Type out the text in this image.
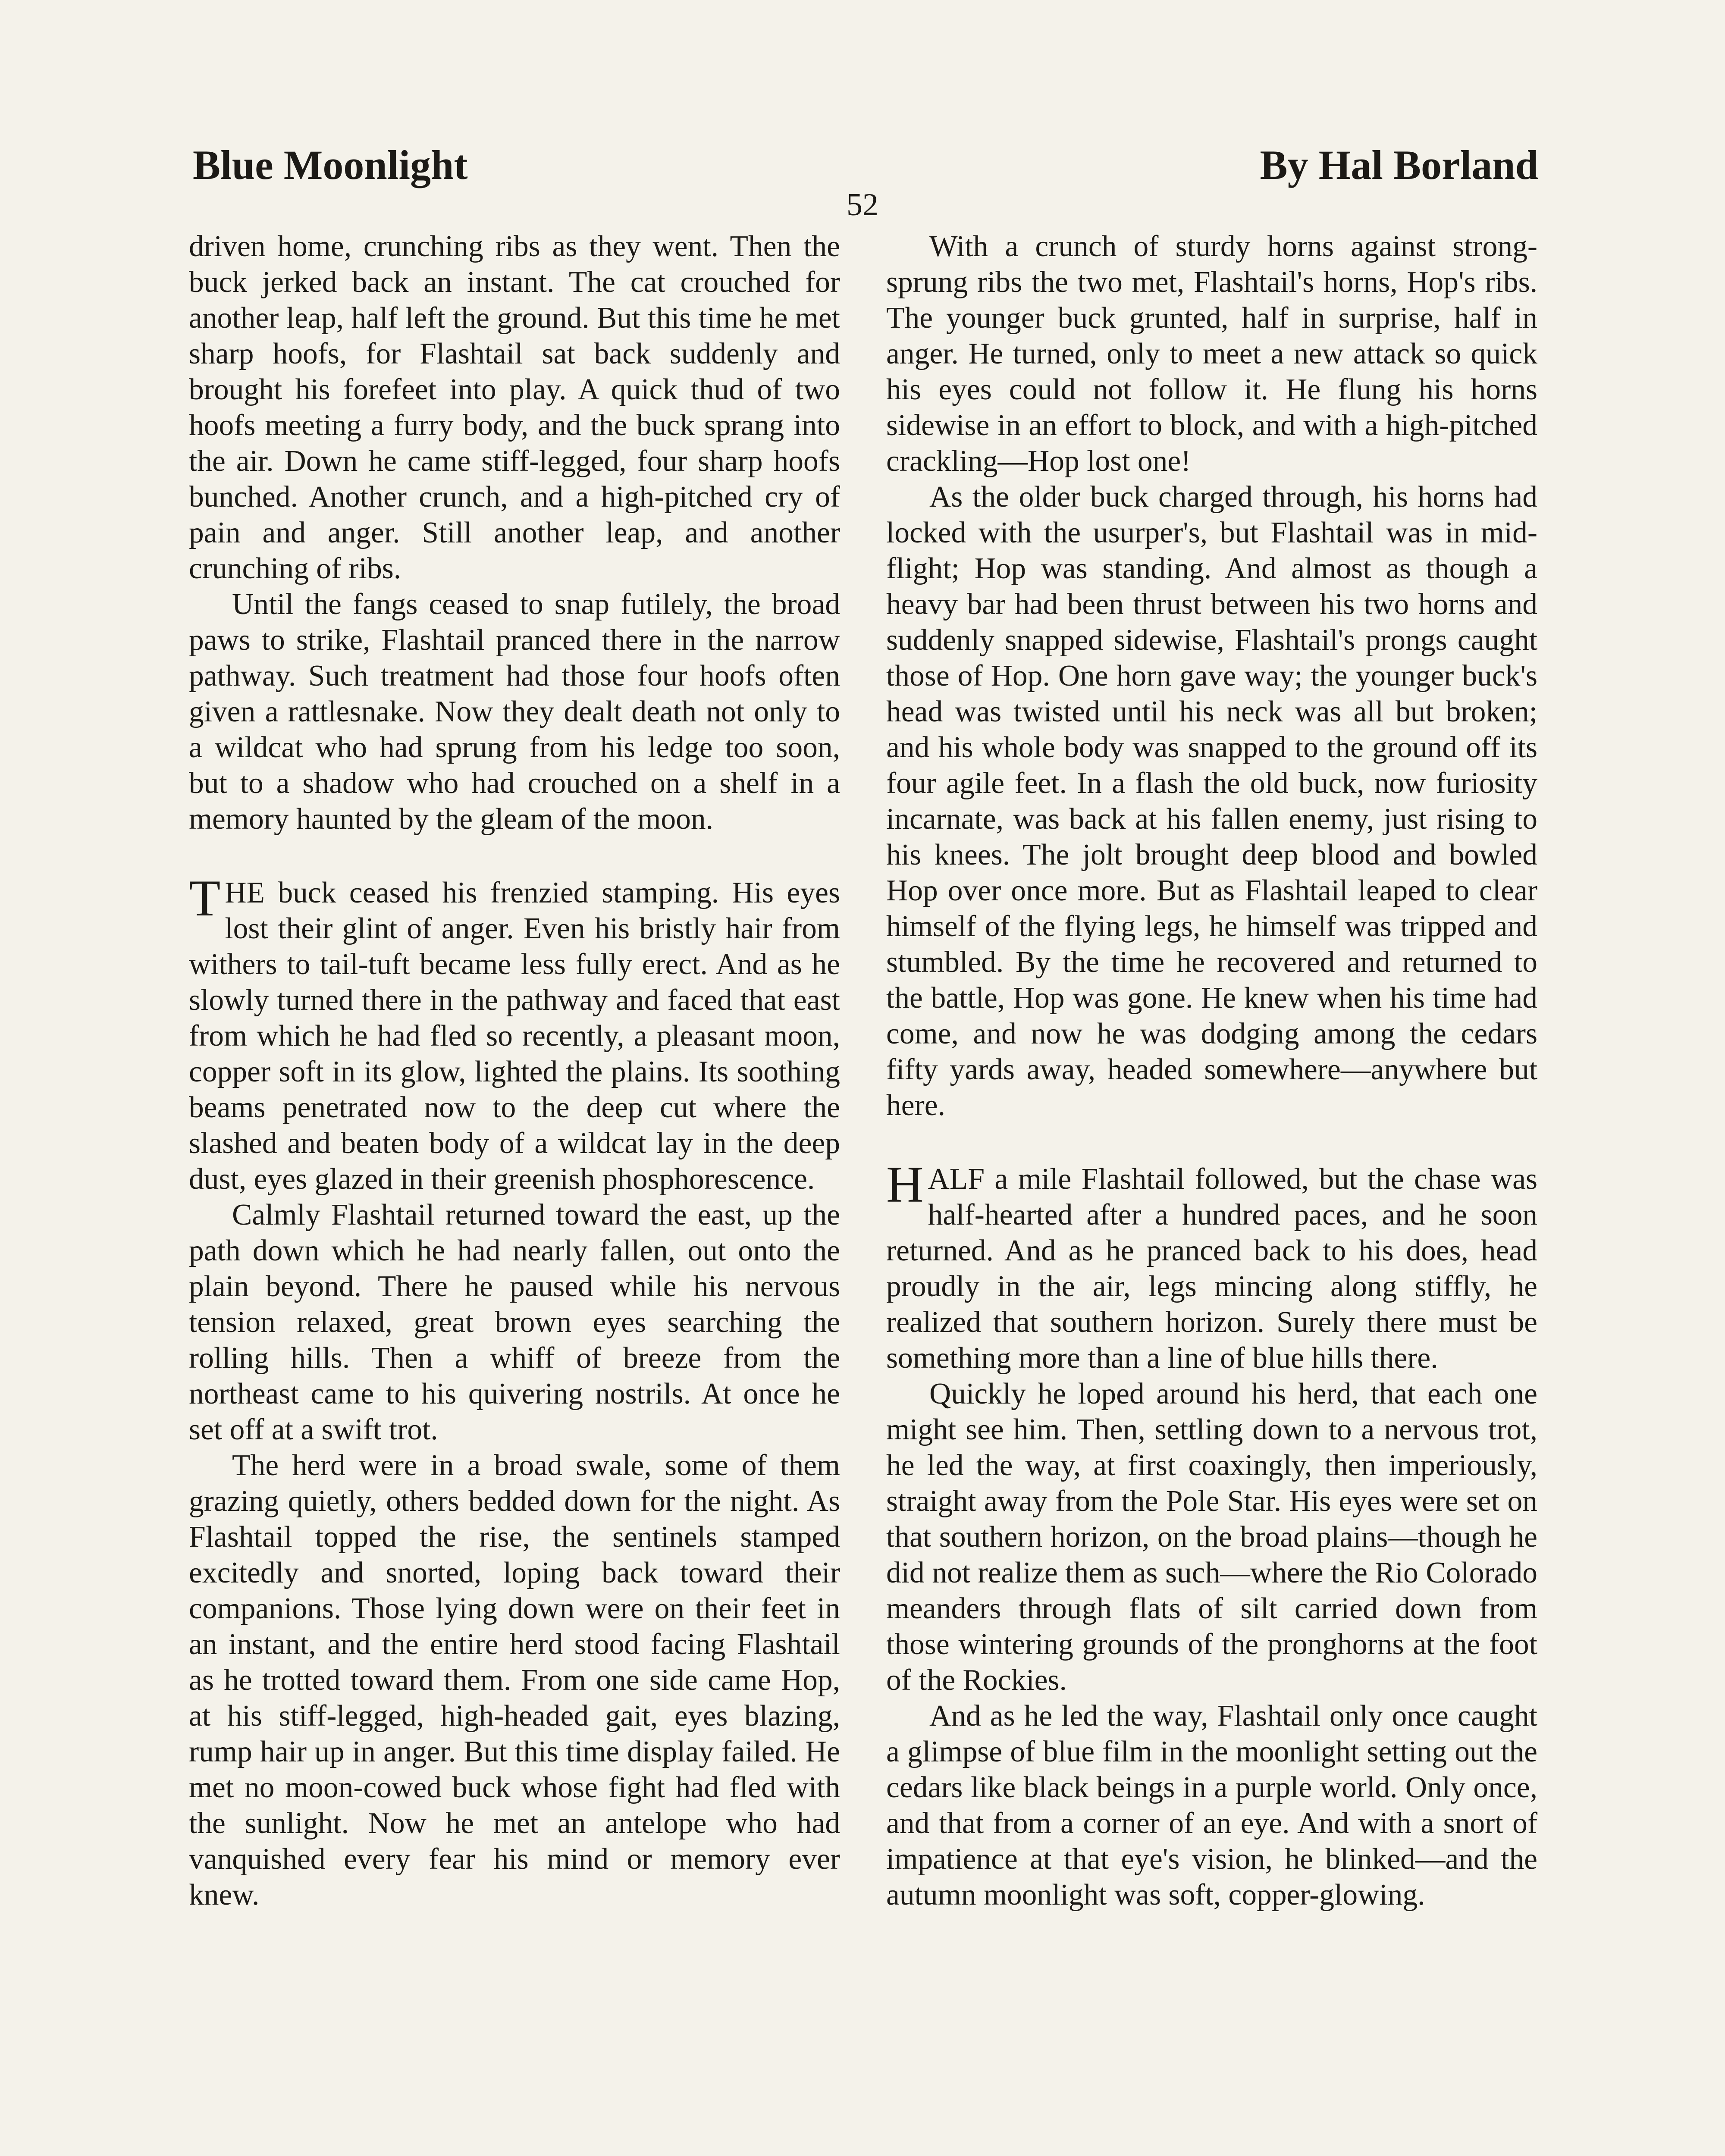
Blue Moonlight	By Hal Borland
52

driven home, crunching ribs as they went. Then the buck jerked back an instant. The cat crouched for another leap, half left the ground. But this time he met sharp hoofs, for Flashtail sat back suddenly and brought his forefeet into play. A quick thud of two hoofs meeting a furry body, and the buck sprang into the air. Down he came stiff-legged, four sharp hoofs bunched. Another crunch, and a high-pitched cry of pain and anger. Still another leap, and another crunching of ribs.

Until the fangs ceased to snap futilely, the broad paws to strike, Flashtail pranced there in the narrow pathway. Such treatment had those four hoofs often given a rattlesnake. Now they dealt death not only to a wildcat who had sprung from his ledge too soon, but to a shadow who had crouched on a shelf in a memory haunted by the gleam of the moon.

THE buck ceased his frenzied stamping. His eyes lost their glint of anger. Even his bristly hair from withers to tail-tuft became less fully erect. And as he slowly turned there in the pathway and faced that east from which he had fled so recently, a pleasant moon, copper soft in its glow, lighted the plains. Its soothing beams penetrated now to the deep cut where the slashed and beaten body of a wildcat lay in the deep dust, eyes glazed in their greenish phosphorescence.

Calmly Flashtail returned toward the east, up the path down which he had nearly fallen, out onto the plain beyond. There he paused while his nervous tension relaxed, great brown eyes searching the rolling hills. Then a whiff of breeze from the northeast came to his quivering nostrils. At once he set off at a swift trot.

The herd were in a broad swale, some of them grazing quietly, others bedded down for the night. As Flashtail topped the rise, the sentinels stamped excitedly and snorted, loping back toward their companions. Those lying down were on their feet in an instant, and the entire herd stood facing Flashtail as he trotted toward them. From one side came Hop, at his stiff-legged, high-headed gait, eyes blazing, rump hair up in anger. But this time display failed. He met no moon-cowed buck whose fight had fled with the sunlight. Now he met an antelope who had vanquished every fear his mind or memory ever knew.

With a crunch of sturdy horns against strong-sprung ribs the two met, Flashtail's horns, Hop's ribs. The younger buck grunted, half in surprise, half in anger. He turned, only to meet a new attack so quick his eyes could not follow it. He flung his horns sidewise in an effort to block, and with a high-pitched crackling—Hop lost one!

As the older buck charged through, his horns had locked with the usurper's, but Flashtail was in mid-flight; Hop was standing. And almost as though a heavy bar had been thrust between his two horns and suddenly snapped sidewise, Flashtail's prongs caught those of Hop. One horn gave way; the younger buck's head was twisted until his neck was all but broken; and his whole body was snapped to the ground off its four agile feet. In a flash the old buck, now furiosity incarnate, was back at his fallen enemy, just rising to his knees. The jolt brought deep blood and bowled Hop over once more. But as Flashtail leaped to clear himself of the flying legs, he himself was tripped and stumbled. By the time he recovered and returned to the battle, Hop was gone. He knew when his time had come, and now he was dodging among the cedars fifty yards away, headed somewhere—anywhere but here.

HALF a mile Flashtail followed, but the chase was half-hearted after a hundred paces, and he soon returned. And as he pranced back to his does, head proudly in the air, legs mincing along stiffly, he realized that southern horizon. Surely there must be something more than a line of blue hills there.

Quickly he loped around his herd, that each one might see him. Then, settling down to a nervous trot, he led the way, at first coaxingly, then imperiously, straight away from the Pole Star. His eyes were set on that southern horizon, on the broad plains—though he did not realize them as such—where the Rio Colorado meanders through flats of silt carried down from those wintering grounds of the pronghorns at the foot of the Rockies.

And as he led the way, Flashtail only once caught a glimpse of blue film in the moonlight setting out the cedars like black beings in a purple world. Only once, and that from a corner of an eye. And with a snort of impatience at that eye's vision, he blinked—and the autumn moonlight was soft, copper-glowing.
